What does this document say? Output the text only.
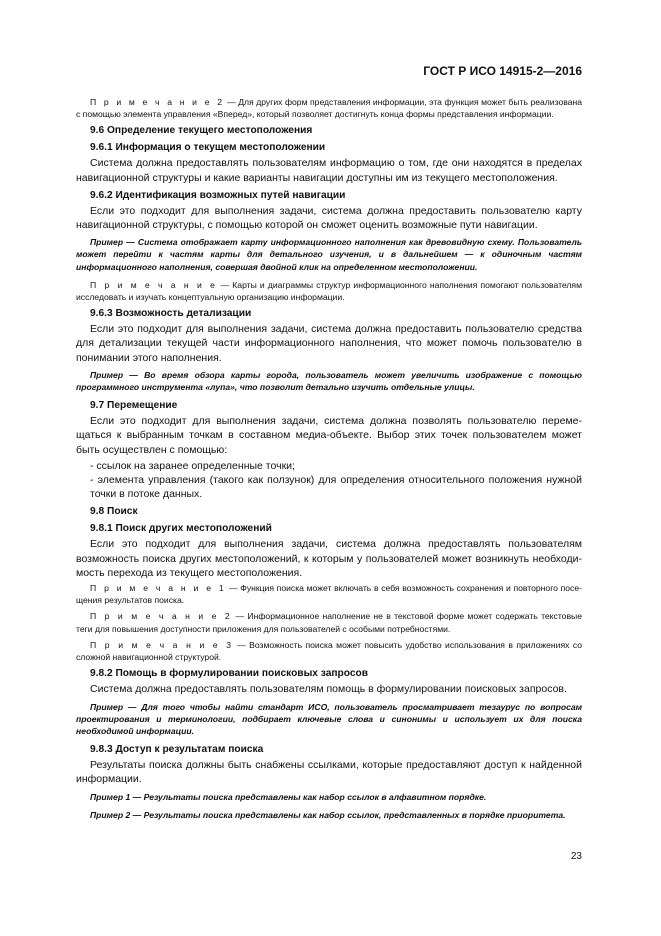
ГОСТ Р ИСО 14915-2—2016

П р и м е ч а н и е 2 — Для других форм представления информации, эта функция может быть реализована с помощью элемента управления «Вперед», который позволяет достигнуть конца формы представления информации.

9.6 Определение текущего местоположения
9.6.1 Информация о текущем местоположении

Система должна предоставлять пользователям информацию о том, где они находятся в пределах навигационной структуры и какие варианты навигации доступны им из текущего местоположения.

9.6.2 Идентификация возможных путей навигации

Если это подходит для выполнения задачи, система должна предоставить пользователю карту навигационной структуры, с помощью которой он сможет оценить возможные пути навигации.

Пример — Система отображает карту информационного наполнения как древовидную схему. Пользователь может перейти к частям карты для детального изучения, и в дальнейшем — к одиночным частям информационного наполнения, совершая двойной клик на определенном местоположении.

П р и м е ч а н и е — Карты и диаграммы структур информационного наполнения помогают пользователям исследовать и изучать концептуальную организацию информации.

9.6.3 Возможность детализации

Если это подходит для выполнения задачи, система должна предоставить пользователю средства для детализации текущей части информационного наполнения, что может помочь пользователю в понимании этого наполнения.

Пример — Во время обзора карты города, пользователь может увеличить изображение с помощью программного инструмента «лупа», что позволит детально изучить отдельные улицы.

9.7 Перемещение

Если это подходит для выполнения задачи, система должна позволять пользователю перемещаться к выбранным точкам в составном медиа-объекте. Выбор этих точек пользователем может быть осуществлен с помощью:

- ссылок на заранее определенные точки;

- элемента управления (такого как ползунок) для определения относительного положения нужной точки в потоке данных.

9.8 Поиск
9.8.1 Поиск других местоположений

Если это подходит для выполнения задачи, система должна предоставлять пользователям возможность поиска других местоположений, к которым у пользователей может возникнуть необходимость перехода из текущего местоположения.

П р и м е ч а н и е 1 — Функция поиска может включать в себя возможность сохранения и повторного посещения результатов поиска.

П р и м е ч а н и е 2 — Информационное наполнение не в текстовой форме может содержать текстовые теги для повышения доступности приложения для пользователей с особыми потребностями.

П р и м е ч а н и е 3 — Возможность поиска может повысить удобство использования в приложениях со сложной навигационной структурой.

9.8.2 Помощь в формулировании поисковых запросов

Система должна предоставлять пользователям помощь в формулировании поисковых запросов.

Пример — Для того чтобы найти стандарт ИСО, пользователь просматривает тезаурус по вопросам проектирования и терминологии, подбирает ключевые слова и синонимы и использует их для поиска необходимой информации.

9.8.3 Доступ к результатам поиска

Результаты поиска должны быть снабжены ссылками, которые предоставляют доступ к найденной информации.

Пример 1 — Результаты поиска представлены как набор ссылок в алфавитном порядке.

Пример 2 — Результаты поиска представлены как набор ссылок, представленных в порядке приоритета.

23
